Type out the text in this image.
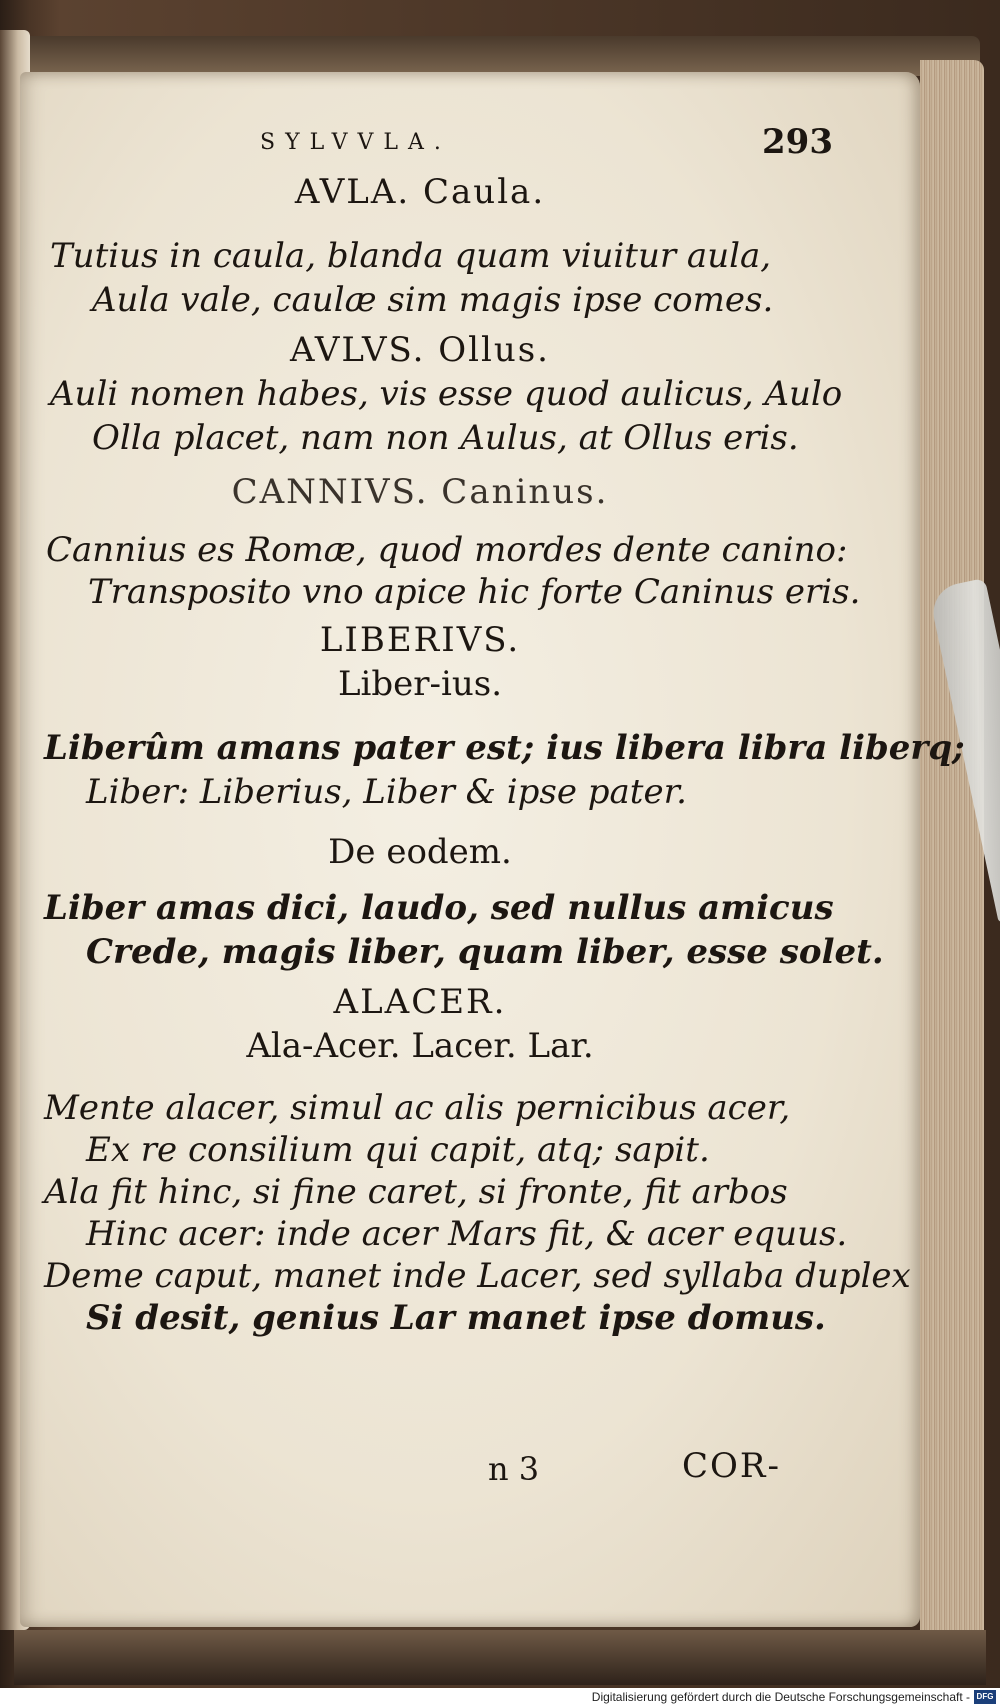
SYLVVLA.	293
AVLA. Caula.
Tutius in caula, blanda quam viuitur aula,
Aula vale, caulæ sim magis ipse comes.
AVLVS. Ollus.
Auli nomen habes, vis esse quod aulicus, Aulo
Olla placet, nam non Aulus, at Ollus eris.
CANNIVS. Caninus.
Cannius es Romæ, quod mordes dente canino:
Transposito vno apice hic forte Caninus eris.
LIBERIVS.
Liber-ius.
Liberûm amans pater est; ius libera libra liberq;
Liber: Liberius, Liber & ipse pater.
De eodem.
Liber amas dici, laudo, sed nullus amicus
Crede, magis liber, quam liber, esse solet.
ALACER.
Ala-Acer. Lacer. Lar.
Mente alacer, simul ac alis pernicibus acer,
Ex re consilium qui capit, atq; sapit.
Ala fit hinc, si fine caret, si fronte, fit arbos
Hinc acer: inde acer Mars fit, & acer equus.
Deme caput, manet inde Lacer, sed syllaba duplex
Si desit, genius Lar manet ipse domus.
n 3	COR-
Digitalisierung gefördert durch die Deutsche Forschungsgemeinschaft - DFG
